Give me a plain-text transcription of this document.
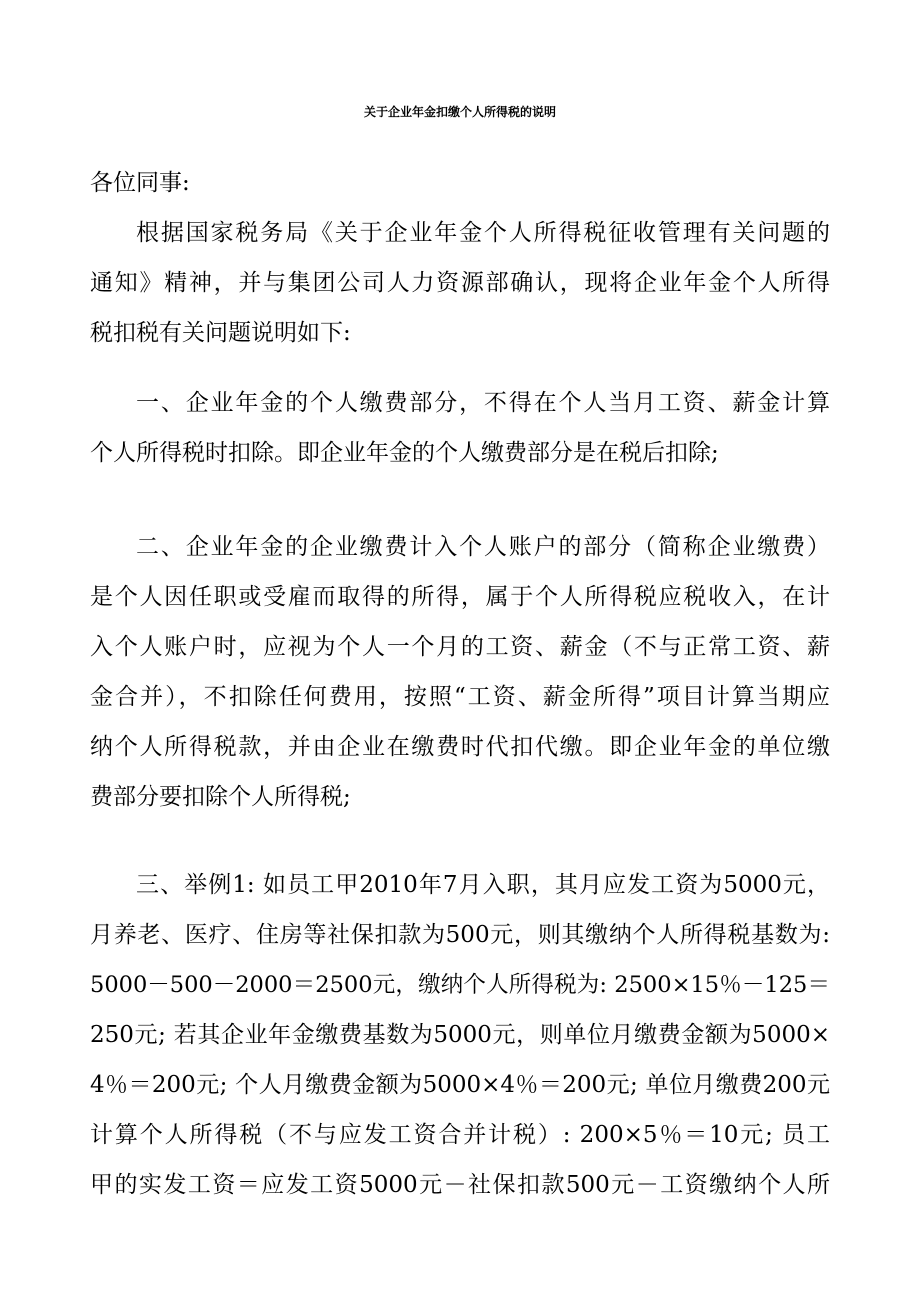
关于企业年金扣缴个人所得税的说明
各位同事:
根据国家税务局《关于企业年金个人所得税征收管理有关问题的
通知》精神，并与集团公司人力资源部确认，现将企业年金个人所得
税扣税有关问题说明如下:
一、企业年金的个人缴费部分，不得在个人当月工资、薪金计算
个人所得税时扣除。即企业年金的个人缴费部分是在税后扣除;
二、企业年金的企业缴费计入个人账户的部分（简称企业缴费）
是个人因任职或受雇而取得的所得，属于个人所得税应税收入，在计
入个人账户时，应视为个人一个月的工资、薪金（不与正常工资、薪
金合并），不扣除任何费用，按照“工资、薪金所得”项目计算当期应
纳个人所得税款，并由企业在缴费时代扣代缴。即企业年金的单位缴
费部分要扣除个人所得税;
三、举例1: 如员工甲2010年7月入职，其月应发工资为5000元，
月养老、医疗、住房等社保扣款为500元，则其缴纳个人所得税基数为:
5000－500－2000＝2500元，缴纳个人所得税为: 2500×15％－125＝
250元; 若其企业年金缴费基数为5000元，则单位月缴费金额为5000×
4％＝200元; 个人月缴费金额为5000×4％＝200元; 单位月缴费200元
计算个人所得税（不与应发工资合并计税）: 200×5％＝10元; 员工
甲的实发工资＝应发工资5000元－社保扣款500元－工资缴纳个人所
